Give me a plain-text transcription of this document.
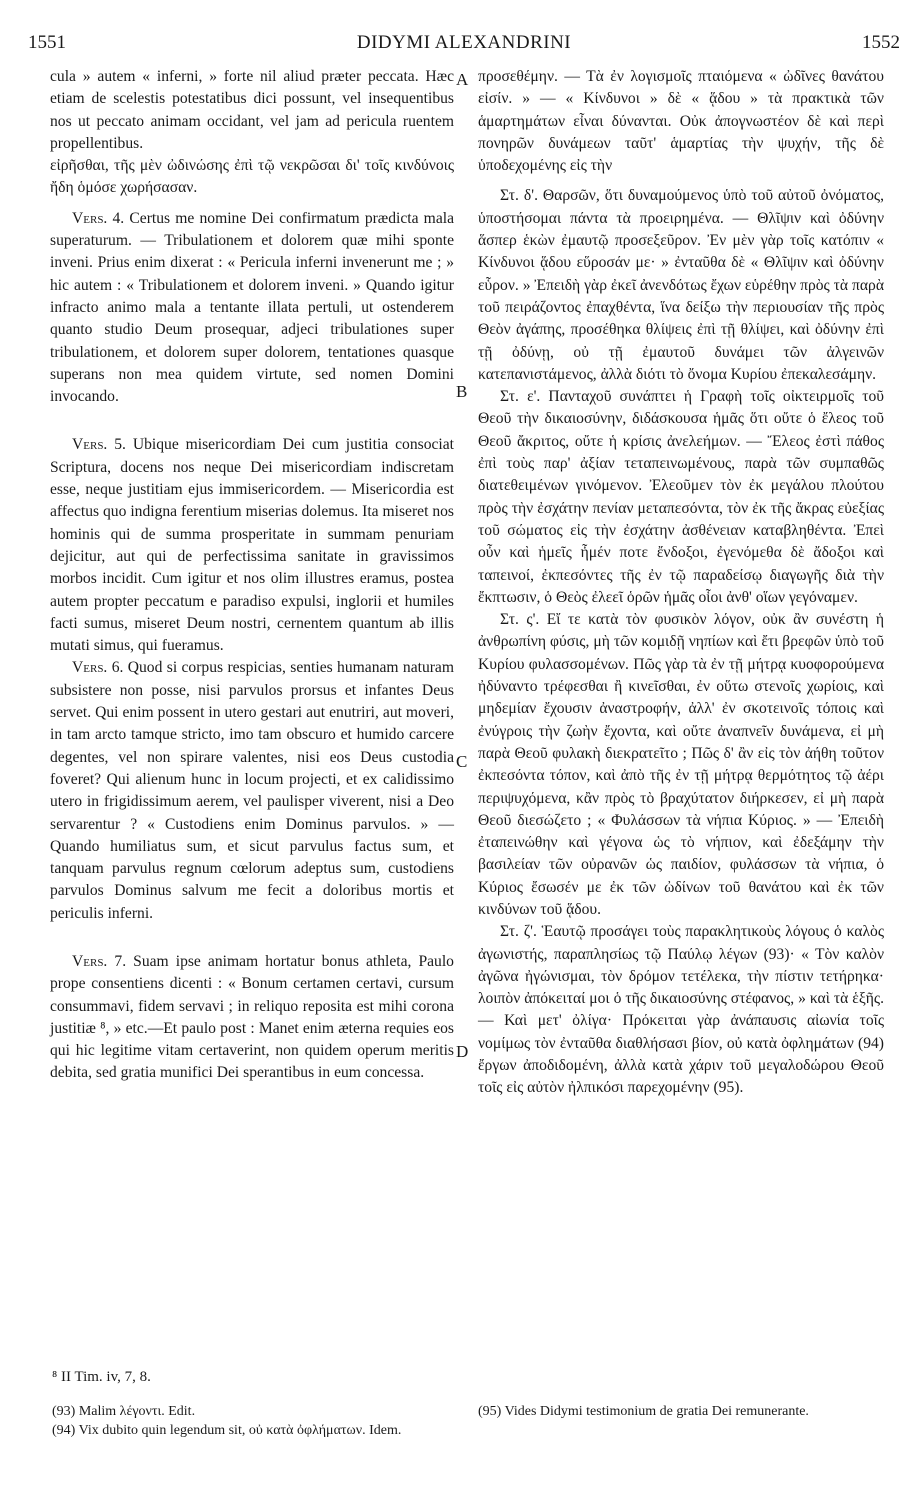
1551	DIDYMI ALEXANDRINI	1552

cula » autem « inferni, » forte nil aliud præter peccata. Hæc etiam de scelestis potestatibus dici possunt, vel insequentibus nos ut peccato animam occidant, vel jam ad pericula ruentem propellentibus.

εἰρῆσθαι, τῆς μὲν ὠδινώσης ἐπὶ τῷ νεκρῶσαι δι' τοῖς κινδύνοις ἤδη ὁμόσε χωρήσασαν.

Vers. 4. Certus me nomine Dei confirmatum prædicta mala superaturum. — Tribulationem et dolorem quæ mihi sponte inveni. Prius enim dixerat : « Pericula inferni invenerunt me ; » hic autem : « Tribulationem et dolorem inveni. » Quando igitur infracto animo mala a tentante illata pertuli, ut ostenderem quanto studio Deum prosequar, adjeci tribulationes super tribulationem, et dolorem super dolorem, tentationes quasque superans non mea quidem virtute, sed nomen Domini invocando.

Vers. 5. Ubique misericordiam Dei cum justitia consociat Scriptura, docens nos neque Dei misericordiam indiscretam esse, neque justitiam ejus immisericordem. — Misericordia est affectus quo indigna ferentium miserias dolemus. Ita miseret nos hominis qui de summa prosperitate in summam penuriam dejicitur, aut qui de perfectissima sanitate in gravissimos morbos incidit. Cum igitur et nos olim illustres eramus, postea autem propter peccatum e paradiso expulsi, inglorii et humiles facti sumus, miseret Deum nostri, cernentem quantum ab illis mutati simus, qui fueramus.

Vers. 6. Quod si corpus respicias, senties humanam naturam subsistere non posse, nisi parvulos prorsus et infantes Deus servet. Qui enim possent in utero gestari aut enutriri, aut moveri, in tam arcto tamque stricto, imo tam obscuro et humido carcere degentes, vel non spirare valentes, nisi eos Deus custodia foveret? Qui alienum hunc in locum projecti, et ex calidissimo utero in frigidissimum aerem, vel paulisper viverent, nisi a Deo servarentur ? « Custodiens enim Dominus parvulos. » — Quando humiliatus sum, et sicut parvulus factus sum, et tanquam parvulus regnum cœlorum adeptus sum, custodiens parvulos Dominus salvum me fecit a doloribus mortis et periculis inferni.

Vers. 7. Suam ipse animam hortatur bonus athleta, Paulo prope consentiens dicenti : « Bonum certamen certavi, cursum consummavi, fidem servavi ; in reliquo reposita est mihi corona justitiæ ⁸, » etc.—Et paulo post : Manet enim æterna requies eos qui hic legitime vitam certaverint, non quidem operum meritis debita, sed gratia munifici Dei sperantibus in eum concessa.

προσεθέμην. — Τὰ ἐν λογισμοῖς πταιόμενα « ὠδῖνες θανάτου εἰσίν. » — « Κίνδυνοι » δὲ « ᾅδου » τὰ πρακτικὰ τῶν ἁμαρτημάτων εἶναι δύνανται. Οὐκ ἀπογνωστέον δὲ καὶ περὶ πονηρῶν δυνάμεων ταῦτ' ἁμαρτίας τὴν ψυχήν, τῆς δὲ ὑποδεχομένης εἰς τὴν

Στ. δ'. Θαρσῶν, ὅτι δυναμούμενος ὑπὸ τοῦ αὐτοῦ ὀνόματος, ὑποστήσομαι πάντα τὰ προειρημένα. — Θλῖψιν καὶ ὀδύνην ἅσπερ ἑκὼν ἐμαυτῷ προσεξεῦρον. Ἐν μὲν γὰρ τοῖς κατόπιν « Κίνδυνοι ᾅδου εὕροσάν με· » ἐνταῦθα δὲ « Θλῖψιν καὶ ὀδύνην εὗρον. » Ἐπειδὴ γὰρ ἐκεῖ ἀνενδότως ἔχων εὑρέθην πρὸς τὰ παρὰ τοῦ πειράζοντος ἐπαχθέντα, ἵνα δείξω τὴν περιουσίαν τῆς πρὸς Θεὸν ἀγάπης, προσέθηκα θλίψεις ἐπὶ τῇ θλίψει, καὶ ὀδύνην ἐπὶ τῇ ὀδύνῃ, οὐ τῇ ἐμαυτοῦ δυνάμει τῶν ἀλγεινῶν κατεπανιστάμενος, ἀλλὰ διότι τὸ ὄνομα Κυρίου ἐπεκαλεσάμην.

Στ. ε'. Πανταχοῦ συνάπτει ἡ Γραφὴ τοῖς οἰκτειρμοῖς τοῦ Θεοῦ τὴν δικαιοσύνην, διδάσκουσα ἡμᾶς ὅτι οὔτε ὁ ἔλεος τοῦ Θεοῦ ἄκριτος, οὔτε ἡ κρίσις ἀνελεήμων. — Ἔλεος ἐστὶ πάθος ἐπὶ τοὺς παρ' ἀξίαν τεταπεινωμένους, παρὰ τῶν συμπαθῶς διατεθειμένων γινόμενον. Ἐλεοῦμεν τὸν ἐκ μεγάλου πλούτου πρὸς τὴν ἐσχάτην πενίαν μεταπεσόντα, τὸν ἐκ τῆς ἄκρας εὐεξίας τοῦ σώματος εἰς τὴν ἐσχάτην ἀσθένειαν καταβληθέντα. Ἐπεὶ οὖν καὶ ἡμεῖς ἦμέν ποτε ἔνδοξοι, ἐγενόμεθα δὲ ἄδοξοι καὶ ταπεινοί, ἐκπεσόντες τῆς ἐν τῷ παραδείσῳ διαγωγῆς διὰ τὴν ἔκπτωσιν, ὁ Θεὸς ἐλεεῖ ὁρῶν ἡμᾶς οἷοι ἀνθ' οἵων γεγόναμεν.

Στ. ς'. Εἴ τε κατὰ τὸν φυσικὸν λόγον, οὐκ ἂν συνέστη ἡ ἀνθρωπίνη φύσις, μὴ τῶν κομιδῇ νηπίων καὶ ἔτι βρεφῶν ὑπὸ τοῦ Κυρίου φυλασσομένων. Πῶς γὰρ τὰ ἐν τῇ μήτρᾳ κυοφορούμενα ἠδύναντο τρέφεσθαι ἢ κινεῖσθαι, ἐν οὕτω στενοῖς χωρίοις, καὶ μηδεμίαν ἔχουσιν ἀναστροφήν, ἀλλ' ἐν σκοτεινοῖς τόποις καὶ ἐνύγροις τὴν ζωὴν ἔχοντα, καὶ οὔτε ἀναπνεῖν δυνάμενα, εἰ μὴ παρὰ Θεοῦ φυλακὴ διεκρατεῖτο ; Πῶς δ' ἂν εἰς τὸν ἀήθη τοῦτον ἐκπεσόντα τόπον, καὶ ἀπὸ τῆς ἐν τῇ μήτρᾳ θερμότητος τῷ ἀέρι περιψυχόμενα, κἂν πρὸς τὸ βραχύτατον διήρκεσεν, εἰ μὴ παρὰ Θεοῦ διεσώζετο ; « Φυλάσσων τὰ νήπια Κύριος. » — Ἐπειδὴ ἐταπεινώθην καὶ γέγονα ὡς τὸ νήπιον, καὶ ἐδεξάμην τὴν βασιλείαν τῶν οὐρανῶν ὡς παιδίον, φυλάσσων τὰ νήπια, ὁ Κύριος ἔσωσέν με ἐκ τῶν ὠδίνων τοῦ θανάτου καὶ ἐκ τῶν κινδύνων τοῦ ᾅδου.

Στ. ζ'. Ἑαυτῷ προσάγει τοὺς παρακλητικοὺς λόγους ὁ καλὸς ἀγωνιστής, παραπλησίως τῷ Παύλῳ λέγων (93)· « Τὸν καλὸν ἀγῶνα ἠγώνισμαι, τὸν δρόμον τετέλεκα, τὴν πίστιν τετήρηκα· λοιπὸν ἀπόκειταί μοι ὁ τῆς δικαιοσύνης στέφανος, » καὶ τὰ ἑξῆς. — Καὶ μετ' ὀλίγα· Πρόκειται γὰρ ἀνάπαυσις αἰωνία τοῖς νομίμως τὸν ἐνταῦθα διαθλήσασι βίον, οὐ κατὰ ὀφλημάτων (94) ἔργων ἀποδιδομένη, ἀλλὰ κατὰ χάριν τοῦ μεγαλοδώρου Θεοῦ τοῖς εἰς αὐτὸν ἠλπικόσι παρεχομένην (95).

A
B
C
D
⁸ II Tim. iv, 7, 8.
(93) Malim λέγοντι. Edit.
(94) Vix dubito quin legendum sit, οὐ κατὰ ὀφλήματων. Idem.
(95) Vides Didymi testimonium de gratia Dei remunerante.
